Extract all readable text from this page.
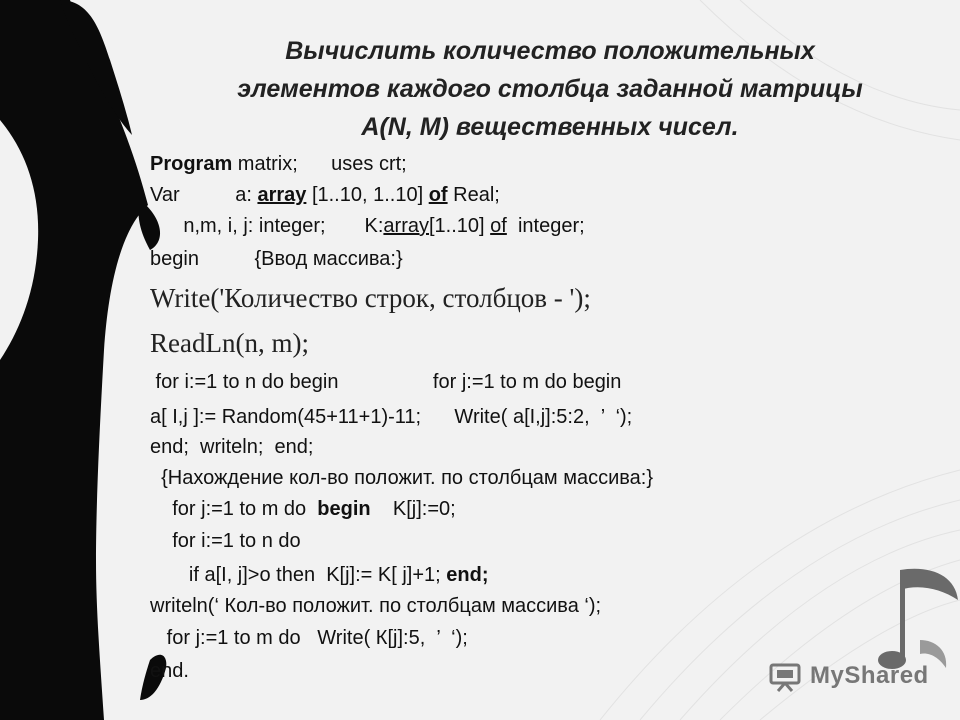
Вычислить количество положительных
элементов каждого столбца заданной матрицы
A(N, M) вещественных чисел.
Program matrix;      uses crt;
Var          a: array [1..10, 1..10] of Real;
n,m, i, j: integer;       K:array[1..10] of  integer;
begin          {Ввод массива:}
Write('Количество строк, столбцов - ');
ReadLn(n, m);
for i:=1 to n do begin                 for j:=1 to m do begin
a[ I,j ]:= Random(45+11+1)-11;      Write( a[I,j]:5:2,  ’  ‘);
end;  writeln;  end;
{Нахождение кол-во положит. по столбцам массива:}
for j:=1 to m do  begin    K[j]:=0;
for i:=1 to n do
if a[I, j]>o then  K[j]:= K[ j]+1; end;
writeln(‘ Кол-во положит. по столбцам массива ‘);
for j:=1 to m do   Write( К[j]:5,  ’  ‘);
end.	MyShared
